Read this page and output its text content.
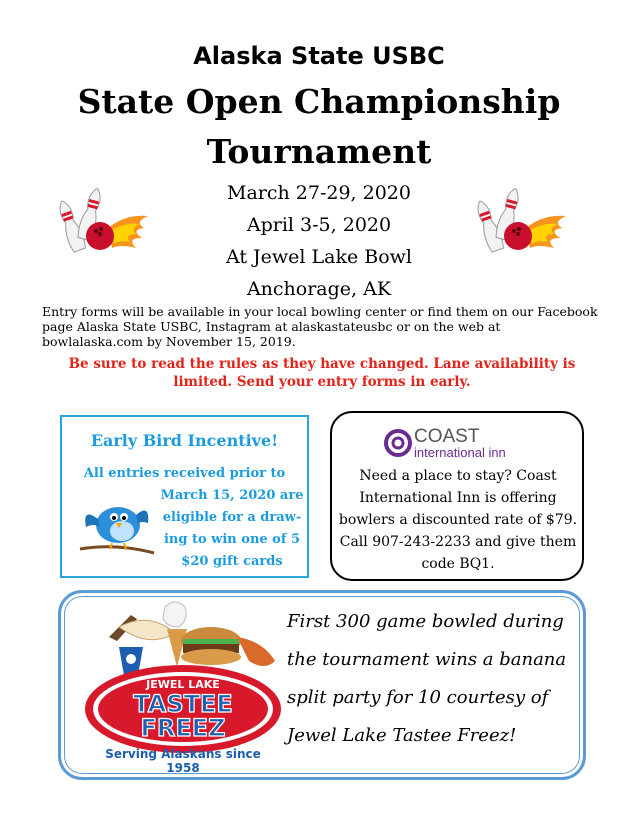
Alaska State USBC
State Open Championship
Tournament
March 27-29, 2020
April 3-5, 2020
At Jewel Lake Bowl
Anchorage, AK
Entry forms will be available in your local bowling center or find them on our Facebook page Alaska State USBC, Instagram at alaskastateusbc or on the web at bowlalaska.com by November 15, 2019.
Be sure to read the rules as they have changed. Lane availability is limited. Send your entry forms in early.
Early Bird Incentive!
All entries received prior to
March 15, 2020 are
eligible for a draw-
ing to win one of 5
$20 gift cards
COAST
international inn
Need a place to stay? Coast International Inn is offering bowlers a discounted rate of $79. Call 907-243-2233 and give them code BQ1.
JEWEL LAKE
TASTEE
FREEZ
Serving Alaskans since 1958
First 300 game bowled during the tournament wins a banana split party for 10 courtesy of Jewel Lake Tastee Freez!
